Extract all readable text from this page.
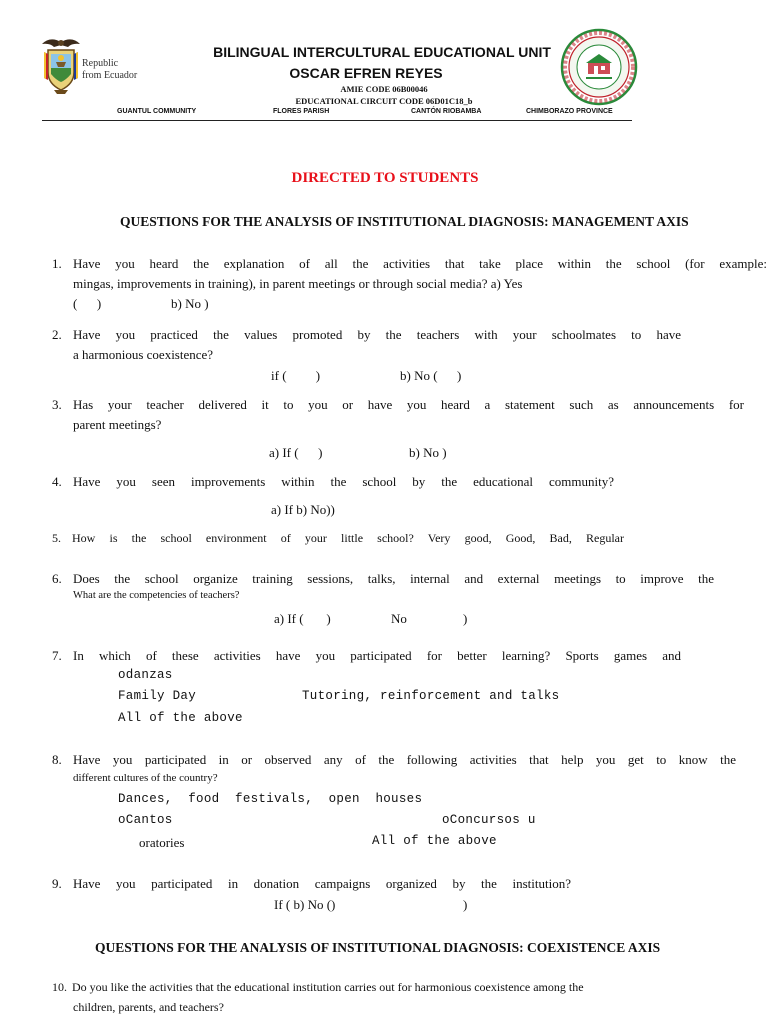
Republic
from Ecuador
BILINGUAL INTERCULTURAL EDUCATIONAL UNIT
OSCAR EFREN REYES
AMIE CODE 06B00046
EDUCATIONAL CIRCUIT CODE 06D01C18_b
GUANTUL COMMUNITY	FLORES PARISH	CANTÓN RIOBAMBA	CHIMBORAZO PROVINCE
DIRECTED TO STUDENTS
QUESTIONS FOR THE ANALYSIS OF INSTITUTIONAL DIAGNOSIS: MANAGEMENT AXIS
1. Have you heard the explanation of all the activities that take place within the school (for example:
mingas, improvements in training), in parent meetings or through social media? a) Yes
(      )	b) No )
2. Have you practiced the values promoted by the teachers with your schoolmates to have
a harmonious coexistence?
if (         )	b) No (      )
3. Has your teacher delivered it to you or have you heard a statement such as announcements for
parent meetings?
a) If (      )	b) No )
4. Have you seen improvements within the school by the educational community?
a) If b) No))
5. How is the school environment of your little school? Very good, Good, Bad, Regular
6. Does the school organize training sessions, talks, internal and external meetings to improve the
What are the competencies of teachers?
a) If (       )	No	)
7. In which of these activities have you participated for better learning? Sports games and
odanzas
Family Day	Tutoring, reinforcement and talks
All of the above
8. Have you participated in or observed any of the following activities that help you get to know the
different cultures of the country?
Dances,  food  festivals,  open  houses
oCantos	oConcursos u
oratories	All of the above
9. Have you participated in donation campaigns organized by the institution?
If ( b) No ()	)
QUESTIONS FOR THE ANALYSIS OF INSTITUTIONAL DIAGNOSIS: COEXISTENCE AXIS
10. Do you like the activities that the educational institution carries out for harmonious coexistence among the
children, parents, and teachers?
